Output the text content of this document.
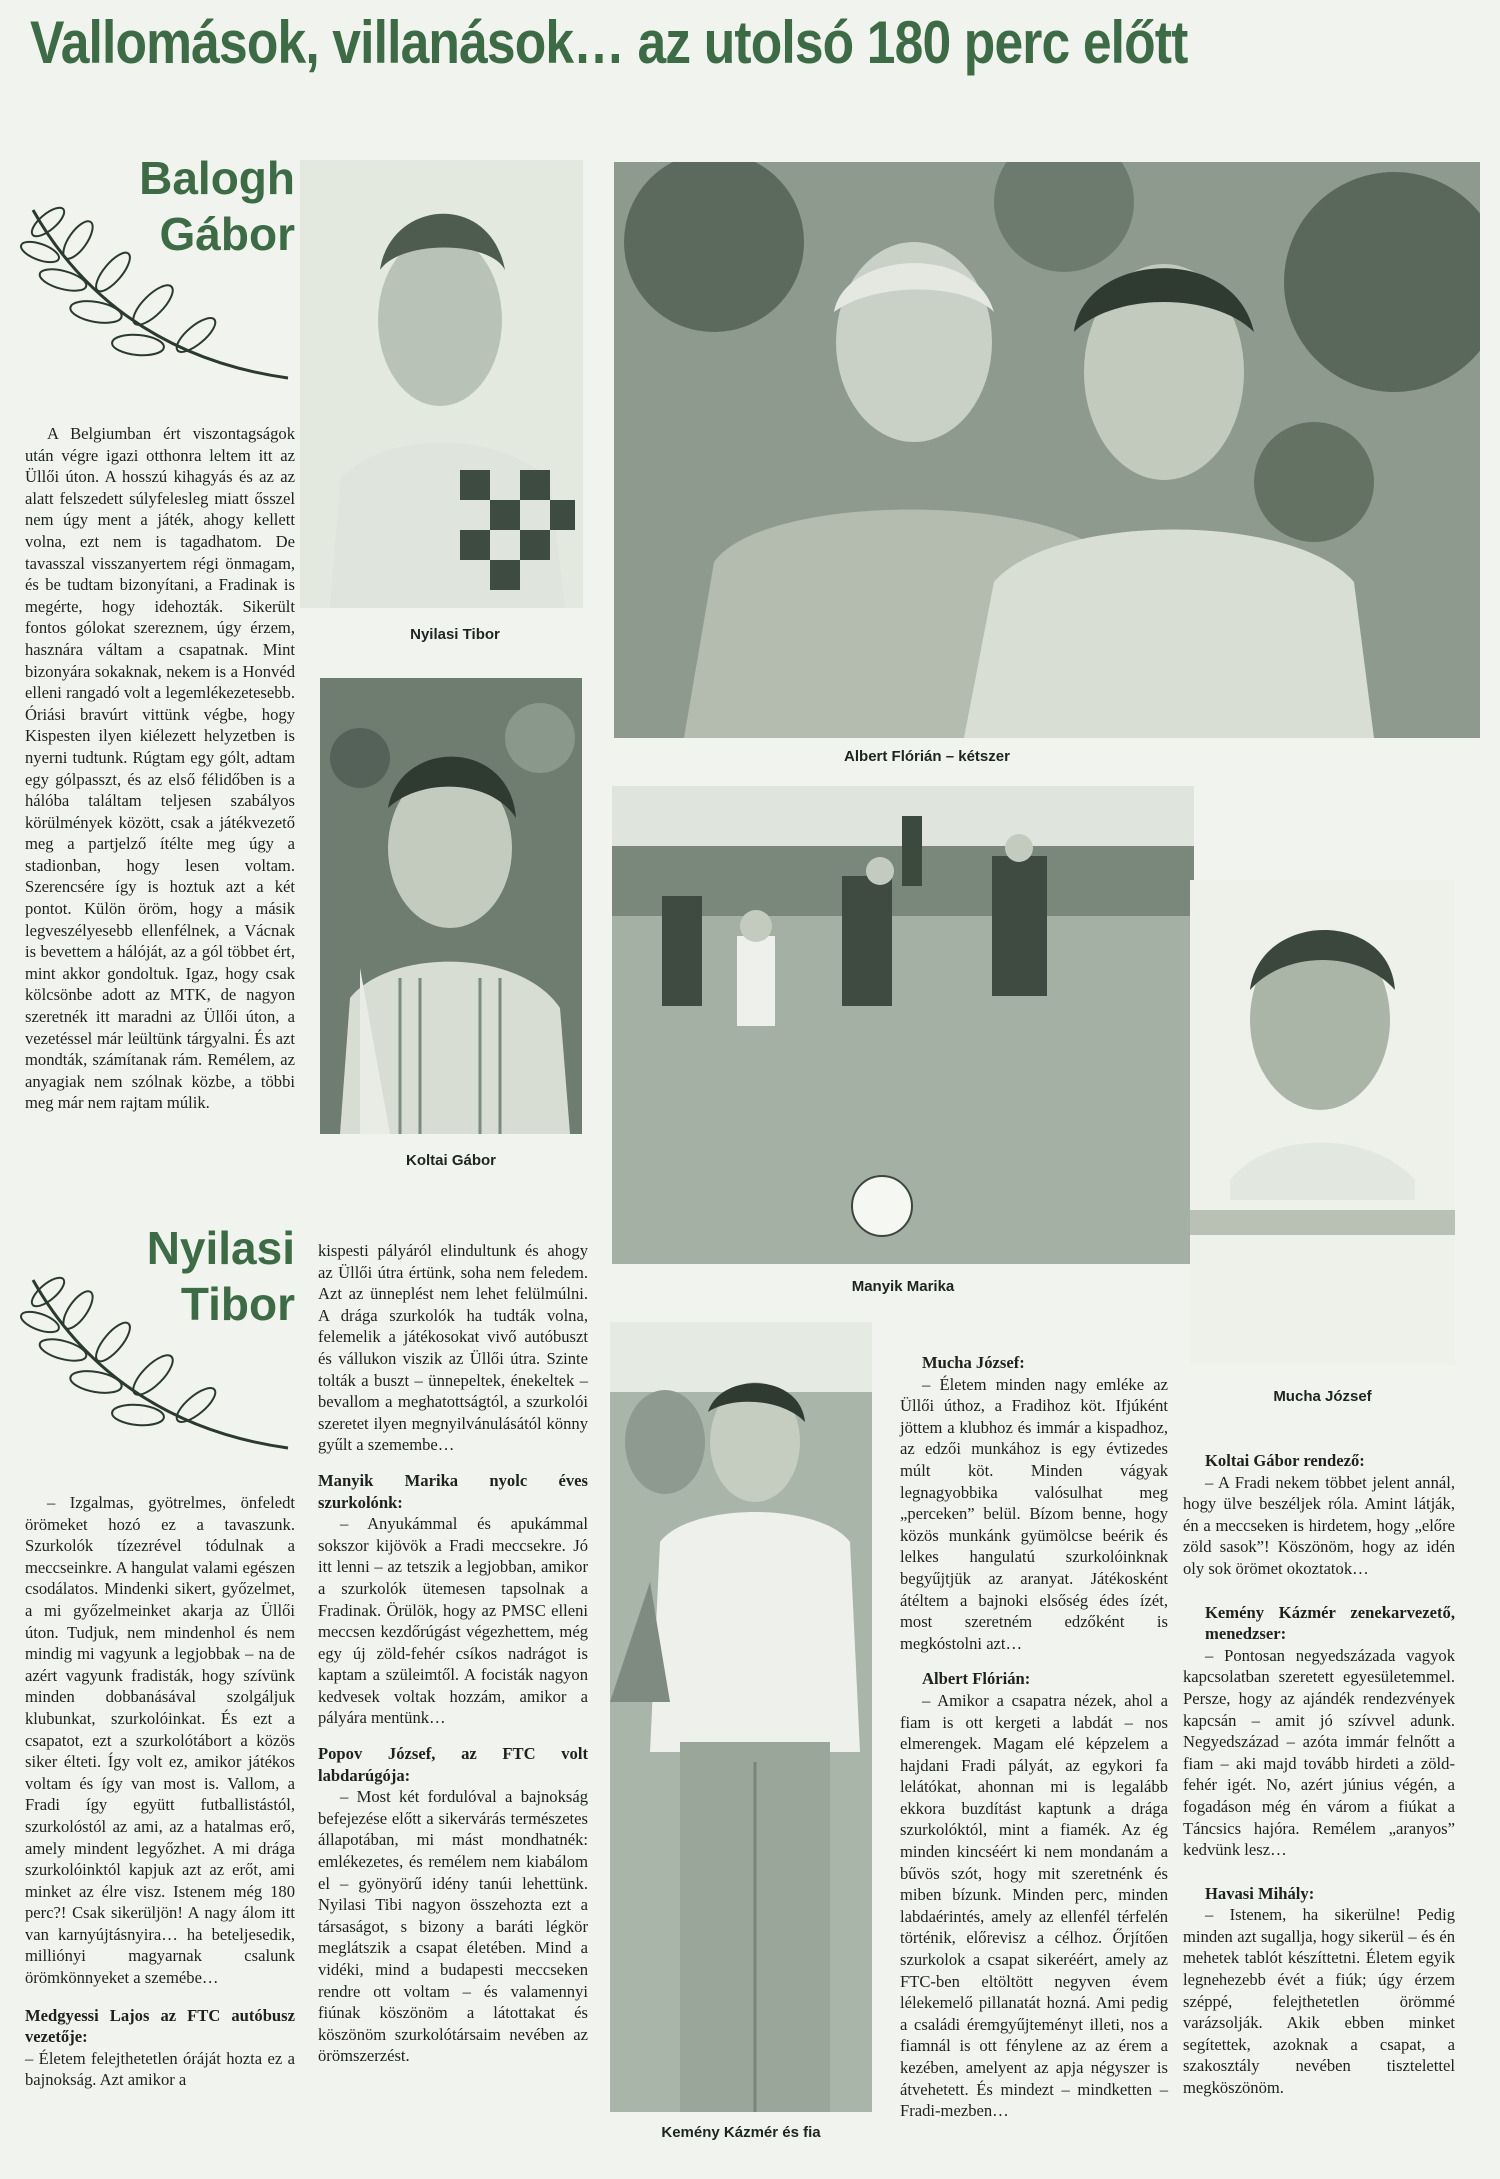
Vallomások, villanások… az utolsó 180 perc előtt
Balogh
Gábor

A Belgiumban ért viszontagságok után végre igazi otthonra leltem itt az Üllői úton. A hosszú kihagyás és az az alatt felszedett súlyfelesleg miatt ősszel nem úgy ment a játék, ahogy kellett volna, ezt nem is tagadhatom. De tavasszal visszanyertem régi önmagam, és be tudtam bizonyítani, a Fradinak is megérte, hogy idehozták. Sikerült fontos gólokat szereznem, úgy érzem, hasznára váltam a csapatnak. Mint bizonyára sokaknak, nekem is a Honvéd elleni rangadó volt a legemlékezetesebb. Óriási bravúrt vittünk végbe, hogy Kispesten ilyen kiélezett helyzetben is nyerni tudtunk. Rúgtam egy gólt, adtam egy gólpasszt, és az első félidőben is a hálóba találtam teljesen szabályos körülmények között, csak a játékvezető meg a partjelző ítélte meg úgy a stadionban, hogy lesen voltam. Szerencsére így is hoztuk azt a két pontot. Külön öröm, hogy a másik legveszélyesebb ellenfélnek, a Vácnak is bevettem a hálóját, az a gól többet ért, mint akkor gondoltuk. Igaz, hogy csak kölcsönbe adott az MTK, de nagyon szeretnék itt maradni az Üllői úton, a vezetéssel már leültünk tárgyalni. És azt mondták, számítanak rám. Remélem, az anyagiak nem szólnak közbe, a többi meg már nem rajtam múlik.

Nyilasi Tibor
Koltai Gábor
Albert Flórián – kétszer
Manyik Marika
Mucha József
Kemény Kázmér és fia
Nyilasi
Tibor

– Izgalmas, gyötrelmes, önfeledt örömeket hozó ez a tavaszunk. Szurkolók tízezrével tódulnak a meccseinkre. A hangulat valami egészen csodálatos. Mindenki sikert, győzelmet, a mi győzelmeinket akarja az Üllői úton. Tudjuk, nem mindenhol és nem mindig mi vagyunk a legjobbak – na de azért vagyunk fradisták, hogy szívünk minden dobbanásával szolgáljuk klubunkat, szurkolóinkat. És ezt a csapatot, ezt a szurkolótábort a közös siker élteti. Így volt ez, amikor játékos voltam és így van most is. Vallom, a Fradi így együtt futballistástól, szurkolóstól az ami, az a hatalmas erő, amely mindent legyőzhet. A mi drága szurkolóinktól kapjuk azt az erőt, ami minket az élre visz. Istenem még 180 perc?! Csak sikerüljön! A nagy álom itt van karnyújtásnyira… ha beteljesedik, milliónyi magyarnak csalunk örömkönnyeket a szemébe…

Medgyessi Lajos az FTC autóbusz vezetője:

– Életem felejthetetlen óráját hozta ez a bajnokság. Azt amikor a

kispesti pályáról elindultunk és ahogy az Üllői útra értünk, soha nem feledem. Azt az ünneplést nem lehet felülmúlni. A drága szurkolók ha tudták volna, felemelik a játékosokat vivő autóbuszt és vállukon viszik az Üllői útra. Szinte tolták a buszt – ünnepeltek, énekeltek – bevallom a meghatottságtól, a szurkolói szeretet ilyen megnyilvánulásától könny gyűlt a szemembe…

Manyik Marika nyolc éves szurkolónk:

– Anyukámmal és apukámmal sokszor kijövök a Fradi meccsekre. Jó itt lenni – az tetszik a legjobban, amikor a szurkolók ütemesen tapsolnak a Fradinak. Örülök, hogy az PMSC elleni meccsen kezdőrúgást végezhettem, még egy új zöld-fehér csíkos nadrágot is kaptam a szüleimtől. A focisták nagyon kedvesek voltak hozzám, amikor a pályára mentünk…

Popov József, az FTC volt labdarúgója:

– Most két fordulóval a bajnokság befejezése előtt a sikervárás természetes állapotában, mi mást mondhatnék: emlékezetes, és remélem nem kiabálom el – gyönyörű idény tanúi lehettünk. Nyilasi Tibi nagyon összehozta ezt a társaságot, s bizony a baráti légkör meglátszik a csapat életében. Mind a vidéki, mind a budapesti meccseken rendre ott voltam – és valamennyi fiúnak köszönöm a látottakat és köszönöm szurkolótársaim nevében az örömszerzést.

Mucha József:

– Életem minden nagy emléke az Üllői úthoz, a Fradihoz köt. Ifjúként jöttem a klubhoz és immár a kispadhoz, az edzői munkához is egy évtizedes múlt köt. Minden vágyak legnagyobbika valósulhat meg „perceken” belül. Bízom benne, hogy közös munkánk gyümölcse beérik és lelkes hangulatú szurkolóinknak begyűjtjük az aranyat. Játékosként átéltem a bajnoki elsőség édes ízét, most szeretném edzőként is megkóstolni azt…

Albert Flórián:

– Amikor a csapatra nézek, ahol a fiam is ott kergeti a labdát – nos elmerengek. Magam elé képzelem a hajdani Fradi pályát, az egykori fa lelátókat, ahonnan mi is legalább ekkora buzdítást kaptunk a drága szurkolóktól, mint a fiamék. Az ég minden kincséért ki nem mondanám a bűvös szót, hogy mit szeretnénk és miben bízunk. Minden perc, minden labdaérintés, amely az ellenfél térfelén történik, előrevisz a célhoz. Őrjítően szurkolok a csapat sikeréért, amely az FTC-ben eltöltött negyven évem lélekemelő pillanatát hozná. Ami pedig a családi éremgyűjteményt illeti, nos a fiamnál is ott fénylene az az érem a kezében, amelyent az apja négyszer is átvehetett. És mindezt – mindketten – Fradi-mezben…

Koltai Gábor rendező:

– A Fradi nekem többet jelent annál, hogy ülve beszéljek róla. Amint látják, én a meccseken is hirdetem, hogy „előre zöld sasok”! Köszönöm, hogy az idén oly sok örömet okoztatok…

Kemény Kázmér zenekarvezető, menedzser:

– Pontosan negyedszázada vagyok kapcsolatban szeretett egyesületemmel. Persze, hogy az ajándék rendezvények kapcsán – amit jó szívvel adunk. Negyedszázad – azóta immár felnőtt a fiam – aki majd tovább hirdeti a zöld-fehér igét. No, azért június végén, a fogadáson még én várom a fiúkat a Táncsics hajóra. Remélem „aranyos” kedvünk lesz…

Havasi Mihály:

– Istenem, ha sikerülne! Pedig minden azt sugallja, hogy sikerül – és én mehetek tablót készíttetni. Életem egyik legnehezebb évét a fiúk; úgy érzem széppé, felejthetetlen örömmé varázsolják. Akik ebben minket segítettek, azoknak a csapat, a szakosztály nevében tisztelettel megköszönöm.
